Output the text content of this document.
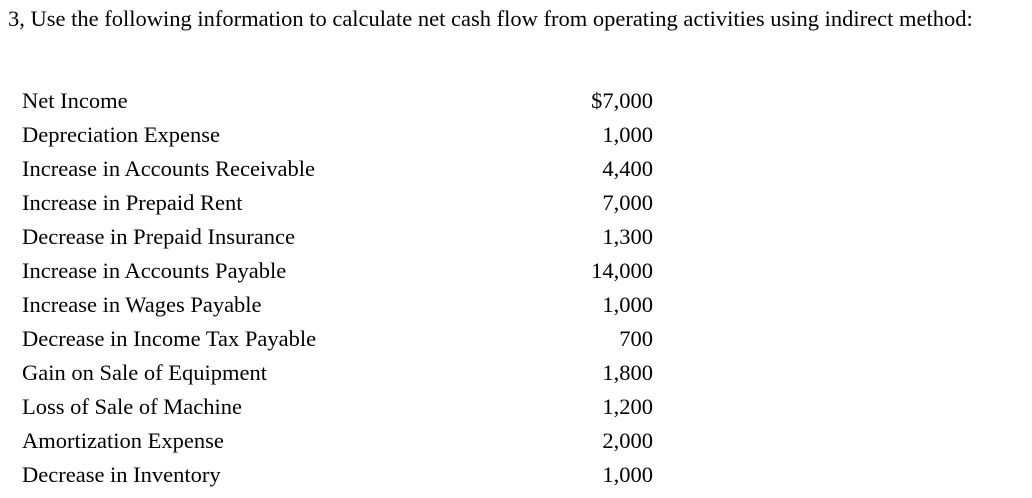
3, Use the following information to calculate net cash flow from operating activities using indirect method:

Net Income	$7,000
Depreciation Expense	1,000
Increase in Accounts Receivable	4,400
Increase in Prepaid Rent	7,000
Decrease in Prepaid Insurance	1,300
Increase in Accounts Payable	14,000
Increase in Wages Payable	1,000
Decrease in Income Tax Payable	700
Gain on Sale of Equipment	1,800
Loss of Sale of Machine	1,200
Amortization Expense	2,000
Decrease in Inventory	1,000
